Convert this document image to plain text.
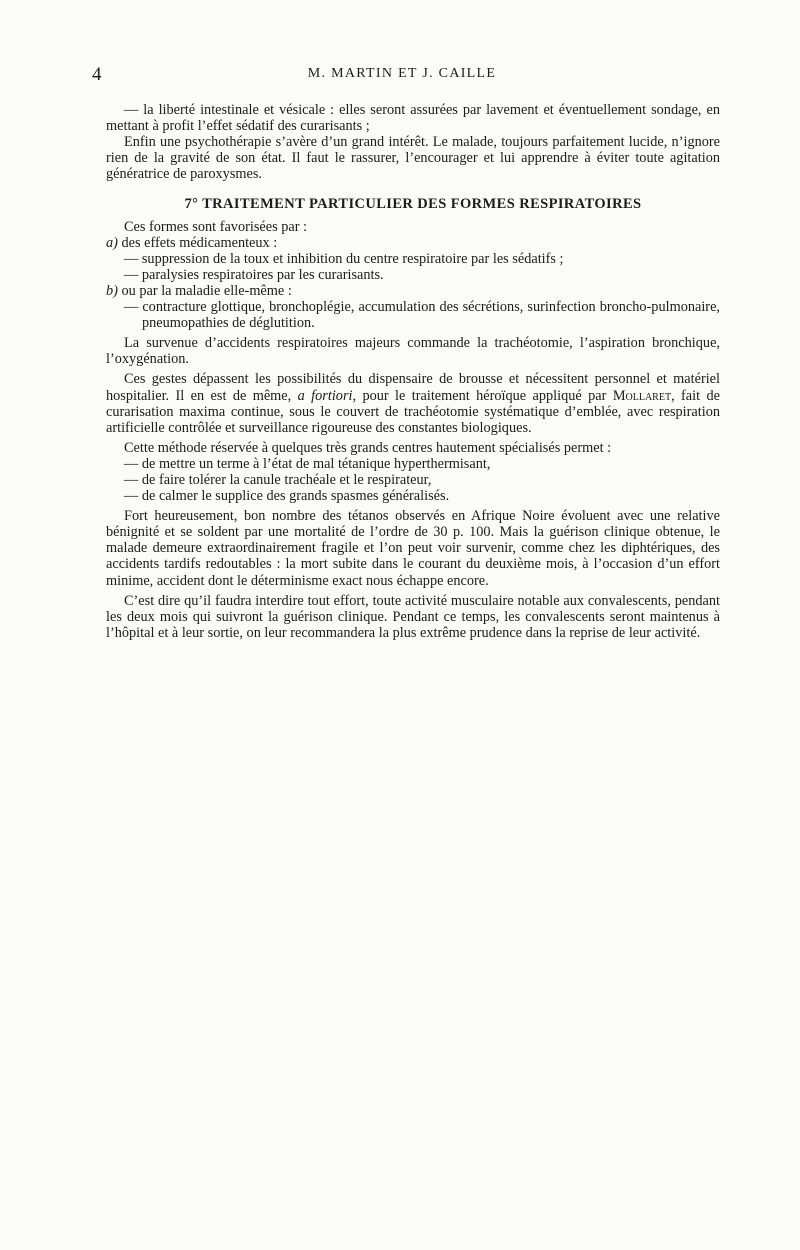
4	M. MARTIN ET J. CAILLE

— la liberté intestinale et vésicale : elles seront assurées par lavement et éventuellement sondage, en mettant à profit l’effet sédatif des curarisants ;

Enfin une psychothérapie s’avère d’un grand intérêt. Le malade, toujours parfaitement lucide, n’ignore rien de la gravité de son état. Il faut le rassurer, l’encourager et lui apprendre à éviter toute agitation génératrice de paroxysmes.

7° TRAITEMENT PARTICULIER DES FORMES RESPIRATOIRES

Ces formes sont favorisées par :

a) des effets médicamenteux :

— suppression de la toux et inhibition du centre respiratoire par les sédatifs ;

— paralysies respiratoires par les curarisants.

b) ou par la maladie elle-même :

— contracture glottique, bronchoplégie, accumulation des sécrétions, surinfection broncho-pulmonaire, pneumopathies de déglutition.

La survenue d’accidents respiratoires majeurs commande la trachéotomie, l’aspiration bronchique, l’oxygénation.

Ces gestes dépassent les possibilités du dispensaire de brousse et nécessitent personnel et matériel hospitalier. Il en est de même, a fortiori, pour le traitement héroïque appliqué par Mollaret, fait de curarisation maxima continue, sous le couvert de trachéotomie systématique d’emblée, avec respiration artificielle contrôlée et surveillance rigoureuse des constantes biologiques.

Cette méthode réservée à quelques très grands centres hautement spécialisés permet :

— de mettre un terme à l’état de mal tétanique hyperthermisant,

— de faire tolérer la canule trachéale et le respirateur,

— de calmer le supplice des grands spasmes généralisés.

Fort heureusement, bon nombre des tétanos observés en Afrique Noire évoluent avec une relative bénignité et se soldent par une mortalité de l’ordre de 30 p. 100. Mais la guérison clinique obtenue, le malade demeure extraordinairement fragile et l’on peut voir survenir, comme chez les diphtériques, des accidents tardifs redoutables : la mort subite dans le courant du deuxième mois, à l’occasion d’un effort minime, accident dont le déterminisme exact nous échappe encore.

C’est dire qu’il faudra interdire tout effort, toute activité musculaire notable aux convalescents, pendant les deux mois qui suivront la guérison clinique. Pendant ce temps, les convalescents seront maintenus à l’hôpital et à leur sortie, on leur recommandera la plus extrême prudence dans la reprise de leur activité.
